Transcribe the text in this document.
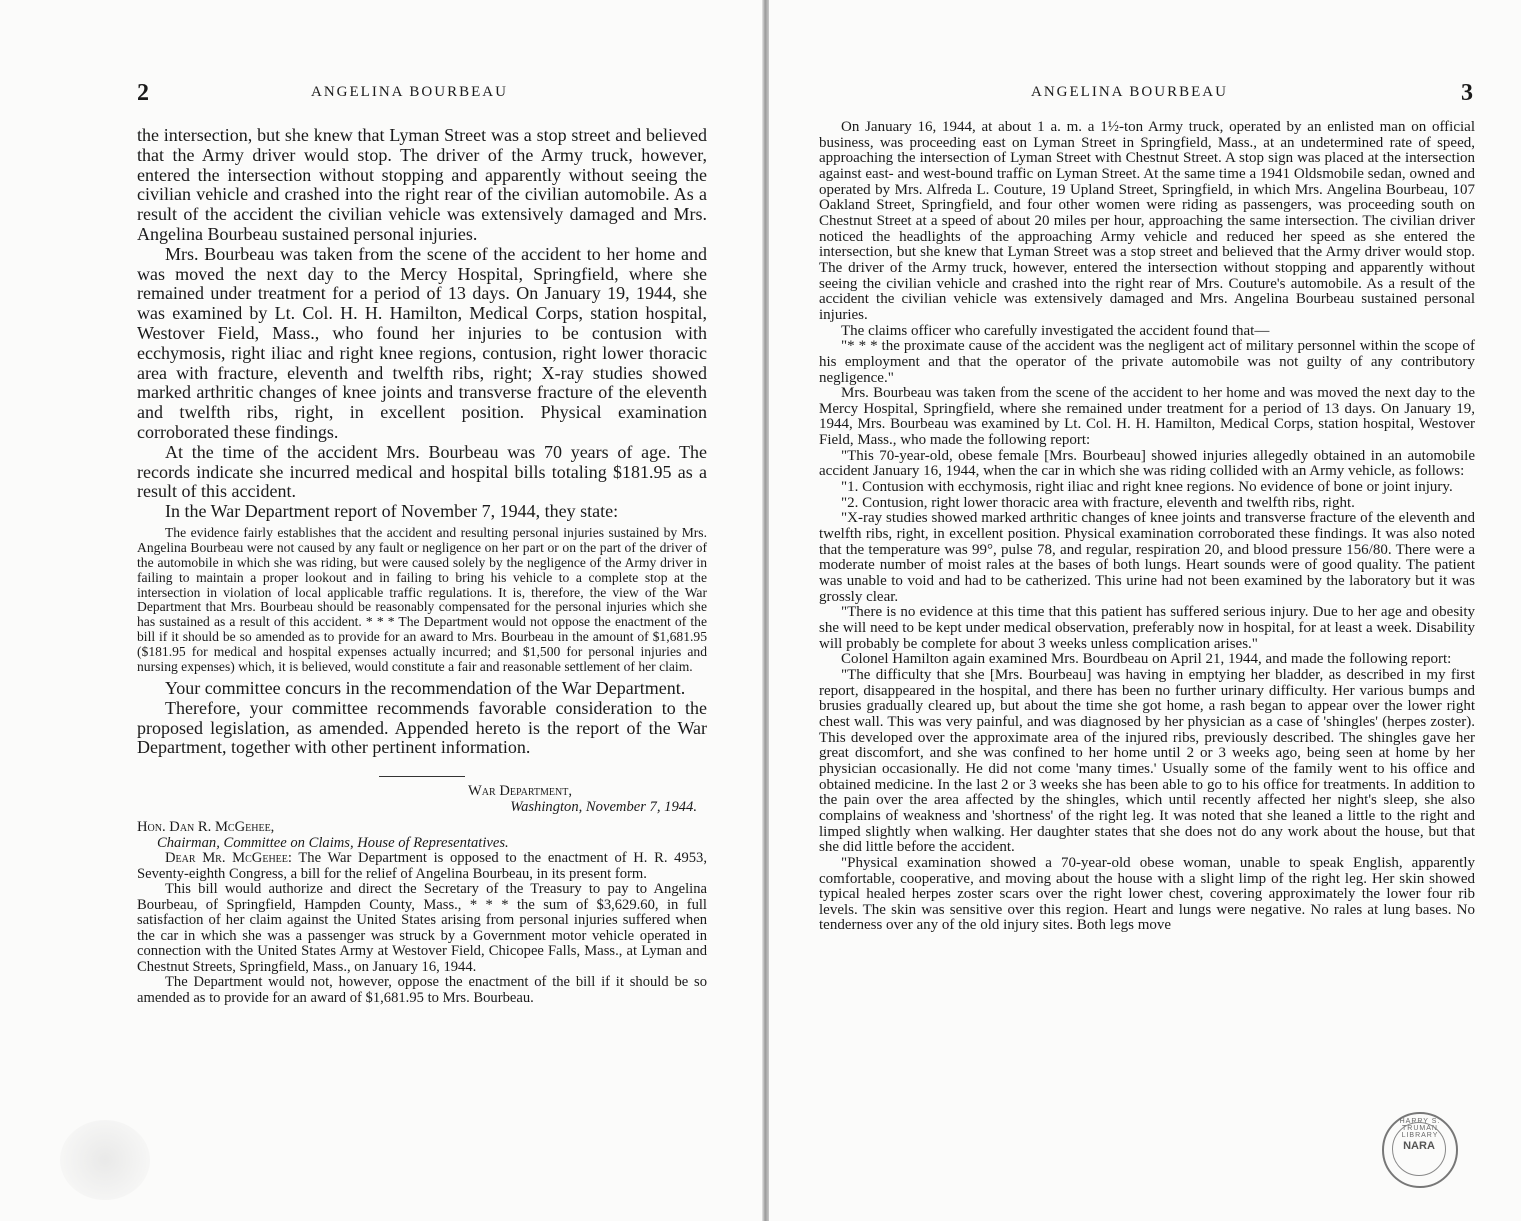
2	ANGELINA BOURBEAU

the intersection, but she knew that Lyman Street was a stop street and believed that the Army driver would stop. The driver of the Army truck, however, entered the intersection without stopping and apparently without seeing the civilian vehicle and crashed into the right rear of the civilian automobile. As a result of the accident the civilian vehicle was extensively damaged and Mrs. Angelina Bourbeau sustained personal injuries.

Mrs. Bourbeau was taken from the scene of the accident to her home and was moved the next day to the Mercy Hospital, Springfield, where she remained under treatment for a period of 13 days. On January 19, 1944, she was examined by Lt. Col. H. H. Hamilton, Medical Corps, station hospital, Westover Field, Mass., who found her injuries to be contusion with ecchymosis, right iliac and right knee regions, contusion, right lower thoracic area with fracture, eleventh and twelfth ribs, right; X-ray studies showed marked arthritic changes of knee joints and transverse fracture of the eleventh and twelfth ribs, right, in excellent position. Physical examination corroborated these findings.

At the time of the accident Mrs. Bourbeau was 70 years of age. The records indicate she incurred medical and hospital bills totaling $181.95 as a result of this accident.

In the War Department report of November 7, 1944, they state:

The evidence fairly establishes that the accident and resulting personal injuries sustained by Mrs. Angelina Bourbeau were not caused by any fault or negligence on her part or on the part of the driver of the automobile in which she was riding, but were caused solely by the negligence of the Army driver in failing to maintain a proper lookout and in failing to bring his vehicle to a complete stop at the intersection in violation of local applicable traffic regulations. It is, therefore, the view of the War Department that Mrs. Bourbeau should be reasonably compensated for the personal injuries which she has sustained as a result of this accident. * * * The Department would not oppose the enactment of the bill if it should be so amended as to provide for an award to Mrs. Bourbeau in the amount of $1,681.95 ($181.95 for medical and hospital expenses actually incurred; and $1,500 for personal injuries and nursing expenses) which, it is believed, would constitute a fair and reasonable settlement of her claim.

Your committee concurs in the recommendation of the War Department.

Therefore, your committee recommends favorable consideration to the proposed legislation, as amended. Appended hereto is the report of the War Department, together with other pertinent information.

War Department,

Washington, November 7, 1944.

Hon. Dan R. McGehee,

Chairman, Committee on Claims, House of Representatives.

Dear Mr. McGehee: The War Department is opposed to the enactment of H. R. 4953, Seventy-eighth Congress, a bill for the relief of Angelina Bourbeau, in its present form.

This bill would authorize and direct the Secretary of the Treasury to pay to Angelina Bourbeau, of Springfield, Hampden County, Mass., * * * the sum of $3,629.60, in full satisfaction of her claim against the United States arising from personal injuries suffered when the car in which she was a passenger was struck by a Government motor vehicle operated in connection with the United States Army at Westover Field, Chicopee Falls, Mass., at Lyman and Chestnut Streets, Springfield, Mass., on January 16, 1944.

The Department would not, however, oppose the enactment of the bill if it should be so amended as to provide for an award of $1,681.95 to Mrs. Bourbeau.

ANGELINA BOURBEAU	3

On January 16, 1944, at about 1 a. m. a 1½-ton Army truck, operated by an enlisted man on official business, was proceeding east on Lyman Street in Springfield, Mass., at an undetermined rate of speed, approaching the intersection of Lyman Street with Chestnut Street. A stop sign was placed at the intersection against east- and west-bound traffic on Lyman Street. At the same time a 1941 Oldsmobile sedan, owned and operated by Mrs. Alfreda L. Couture, 19 Upland Street, Springfield, in which Mrs. Angelina Bourbeau, 107 Oakland Street, Springfield, and four other women were riding as passengers, was proceeding south on Chestnut Street at a speed of about 20 miles per hour, approaching the same intersection. The civilian driver noticed the headlights of the approaching Army vehicle and reduced her speed as she entered the intersection, but she knew that Lyman Street was a stop street and believed that the Army driver would stop. The driver of the Army truck, however, entered the intersection without stopping and apparently without seeing the civilian vehicle and crashed into the right rear of Mrs. Couture's automobile. As a result of the accident the civilian vehicle was extensively damaged and Mrs. Angelina Bourbeau sustained personal injuries.

The claims officer who carefully investigated the accident found that—

"* * * the proximate cause of the accident was the negligent act of military personnel within the scope of his employment and that the operator of the private automobile was not guilty of any contributory negligence."

Mrs. Bourbeau was taken from the scene of the accident to her home and was moved the next day to the Mercy Hospital, Springfield, where she remained under treatment for a period of 13 days. On January 19, 1944, Mrs. Bourbeau was examined by Lt. Col. H. H. Hamilton, Medical Corps, station hospital, Westover Field, Mass., who made the following report:

"This 70-year-old, obese female [Mrs. Bourbeau] showed injuries allegedly obtained in an automobile accident January 16, 1944, when the car in which she was riding collided with an Army vehicle, as follows:

"1. Contusion with ecchymosis, right iliac and right knee regions. No evidence of bone or joint injury.

"2. Contusion, right lower thoracic area with fracture, eleventh and twelfth ribs, right.

"X-ray studies showed marked arthritic changes of knee joints and transverse fracture of the eleventh and twelfth ribs, right, in excellent position. Physical examination corroborated these findings. It was also noted that the temperature was 99°, pulse 78, and regular, respiration 20, and blood pressure 156/80. There were a moderate number of moist rales at the bases of both lungs. Heart sounds were of good quality. The patient was unable to void and had to be catherized. This urine had not been examined by the laboratory but it was grossly clear.

"There is no evidence at this time that this patient has suffered serious injury. Due to her age and obesity she will need to be kept under medical observation, preferably now in hospital, for at least a week. Disability will probably be complete for about 3 weeks unless complication arises."

Colonel Hamilton again examined Mrs. Bourdbeau on April 21, 1944, and made the following report:

"The difficulty that she [Mrs. Bourbeau] was having in emptying her bladder, as described in my first report, disappeared in the hospital, and there has been no further urinary difficulty. Her various bumps and brusies gradually cleared up, but about the time she got home, a rash began to appear over the lower right chest wall. This was very painful, and was diagnosed by her physician as a case of 'shingles' (herpes zoster). This developed over the approximate area of the injured ribs, previously described. The shingles gave her great discomfort, and she was confined to her home until 2 or 3 weeks ago, being seen at home by her physician occasionally. He did not come 'many times.' Usually some of the family went to his office and obtained medicine. In the last 2 or 3 weeks she has been able to go to his office for treatments. In addition to the pain over the area affected by the shingles, which until recently affected her night's sleep, she also complains of weakness and 'shortness' of the right leg. It was noted that she leaned a little to the right and limped slightly when walking. Her daughter states that she does not do any work about the house, but that she did little before the accident.

"Physical examination showed a 70-year-old obese woman, unable to speak English, apparently comfortable, cooperative, and moving about the house with a slight limp of the right leg. Her skin showed typical healed herpes zoster scars over the right lower chest, covering approximately the lower four rib levels. The skin was sensitive over this region. Heart and lungs were negative. No rales at lung bases. No tenderness over any of the old injury sites. Both legs move

HARRY S. TRUMAN LIBRARY
NARA
